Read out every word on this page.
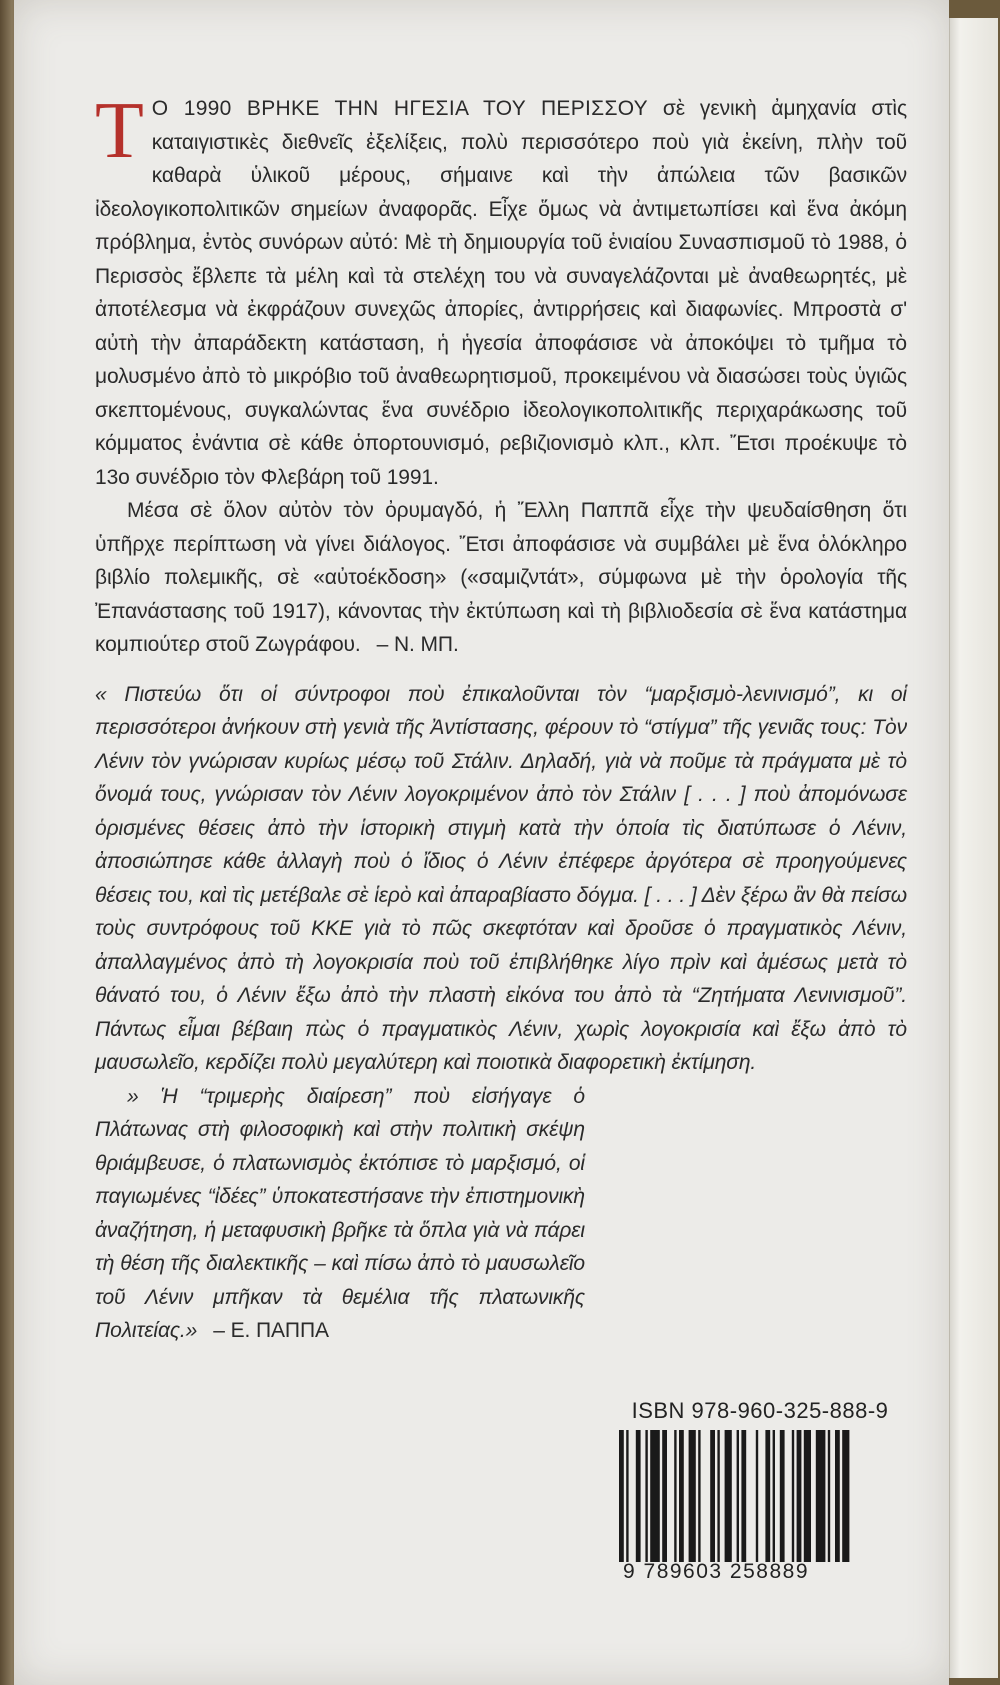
Τ Ο 1990 ΒΡΗΚΕ ΤΗΝ ΗΓΕΣΙΑ ΤΟΥ ΠΕΡΙΣΣΟΥ σὲ γενικὴ ἀμηχανία στὶς καταιγιστικὲς διεθνεῖς ἐξελίξεις, πολὺ περισσότερο ποὺ γιὰ ἐκείνη, πλὴν τοῦ καθαρὰ ὑλικοῦ μέρους, σήμαινε καὶ τὴν ἀπώλεια τῶν βασικῶν ἰδεολογικοπολιτικῶν σημείων ἀναφορᾶς. Εἶχε ὅμως νὰ ἀντιμετωπίσει καὶ ἕνα ἀκόμη πρόβλημα, ἐντὸς συνόρων αὐτό: Μὲ τὴ δημιουργία τοῦ ἑνιαίου Συνασπισμοῦ τὸ 1988, ὁ Περισσὸς ἔβλεπε τὰ μέλη καὶ τὰ στελέχη του νὰ συναγελάζονται μὲ ἀναθεωρητές, μὲ ἀποτέλεσμα νὰ ἐκφράζουν συνεχῶς ἀπορίες, ἀντιρρήσεις καὶ διαφωνίες. Μπροστὰ σ' αὐτὴ τὴν ἀπαράδεκτη κατάσταση, ἡ ἡγεσία ἀποφάσισε νὰ ἀποκόψει τὸ τμῆμα τὸ μολυσμένο ἀπὸ τὸ μικρόβιο τοῦ ἀναθεωρητισμοῦ, προκειμένου νὰ διασώσει τοὺς ὑγιῶς σκεπτομένους, συγκαλώντας ἕνα συνέδριο ἰδεολογικοπολιτικῆς περιχαράκωσης τοῦ κόμματος ἐνάντια σὲ κάθε ὁπορτουνισμό, ρεβιζιονισμὸ κλπ., κλπ. Ἔτσι προέκυψε τὸ 13ο συνέδριο τὸν Φλεβάρη τοῦ 1991.

Μέσα σὲ ὅλον αὐτὸν τὸν ὀρυμαγδό, ἡ Ἔλλη Παππᾶ εἶχε τὴν ψευδαίσθηση ὅτι ὑπῆρχε περίπτωση νὰ γίνει διάλογος. Ἔτσι ἀποφάσισε νὰ συμβάλει μὲ ἕνα ὁλόκληρο βιβλίο πολεμικῆς, σὲ «αὐτοέκδοση» («σαμιζντάτ», σύμφωνα μὲ τὴν ὁρολογία τῆς Ἐπανάστασης τοῦ 1917), κάνοντας τὴν ἐκτύπωση καὶ τὴ βιβλιοδεσία σὲ ἕνα κατάστημα κομπιούτερ στοῦ Ζωγράφου. – Ν. ΜΠ.

« Πιστεύω ὅτι οἱ σύντροφοι ποὺ ἐπικαλοῦνται τὸν “μαρξισμὸ-λενινισμό”, κι οἱ περισσότεροι ἀνήκουν στὴ γενιὰ τῆς Ἀντίστασης, φέρουν τὸ “στίγμα” τῆς γενιᾶς τους: Τὸν Λένιν τὸν γνώρισαν κυρίως μέσῳ τοῦ Στάλιν. Δηλαδή, γιὰ νὰ ποῦμε τὰ πράγματα μὲ τὸ ὄνομά τους, γνώρισαν τὸν Λένιν λογοκριμένον ἀπὸ τὸν Στάλιν [ . . . ] ποὺ ἀπομόνωσε ὁρισμένες θέσεις ἀπὸ τὴν ἱστορικὴ στιγμὴ κατὰ τὴν ὁποία τὶς διατύπωσε ὁ Λένιν, ἀποσιώπησε κάθε ἀλλαγὴ ποὺ ὁ ἴδιος ὁ Λένιν ἐπέφερε ἀργότερα σὲ προηγούμενες θέσεις του, καὶ τὶς μετέβαλε σὲ ἱερὸ καὶ ἀπαραβίαστο δόγμα. [ . . . ] Δὲν ξέρω ἂν θὰ πείσω τοὺς συντρόφους τοῦ ΚΚΕ γιὰ τὸ πῶς σκεφτόταν καὶ δροῦσε ὁ πραγματικὸς Λένιν, ἀπαλλαγμένος ἀπὸ τὴ λογοκρισία ποὺ τοῦ ἐπιβλήθηκε λίγο πρὶν καὶ ἀμέσως μετὰ τὸ θάνατό του, ὁ Λένιν ἔξω ἀπὸ τὴν πλαστὴ εἰκόνα του ἀπὸ τὰ “Ζητήματα Λενινισμοῦ”. Πάντως εἶμαι βέβαιη πὼς ὁ πραγματικὸς Λένιν, χωρὶς λογοκρισία καὶ ἔξω ἀπὸ τὸ μαυσωλεῖο, κερδίζει πολὺ μεγαλύτερη καὶ ποιοτικὰ διαφορετικὴ ἐκτίμηση.

» Ἡ “τριμερὴς διαίρεση” ποὺ εἰσήγαγε ὁ Πλάτωνας στὴ φιλοσοφικὴ καὶ στὴν πολιτικὴ σκέψη θριάμβευσε, ὁ πλατωνισμὸς ἐκτόπισε τὸ μαρξισμό, οἱ παγιωμένες “ἰδέες” ὑποκατεστήσανε τὴν ἐπιστημονικὴ ἀναζήτηση, ἡ μεταφυσικὴ βρῆκε τὰ ὅπλα γιὰ νὰ πάρει τὴ θέση τῆς διαλεκτικῆς – καὶ πίσω ἀπὸ τὸ μαυσωλεῖο τοῦ Λένιν μπῆκαν τὰ θεμέλια τῆς πλατωνικῆς Πολιτείας.» – Ε. ΠΑΠΠΑ

ISBN 978-960-325-888-9
9 789603 258889
